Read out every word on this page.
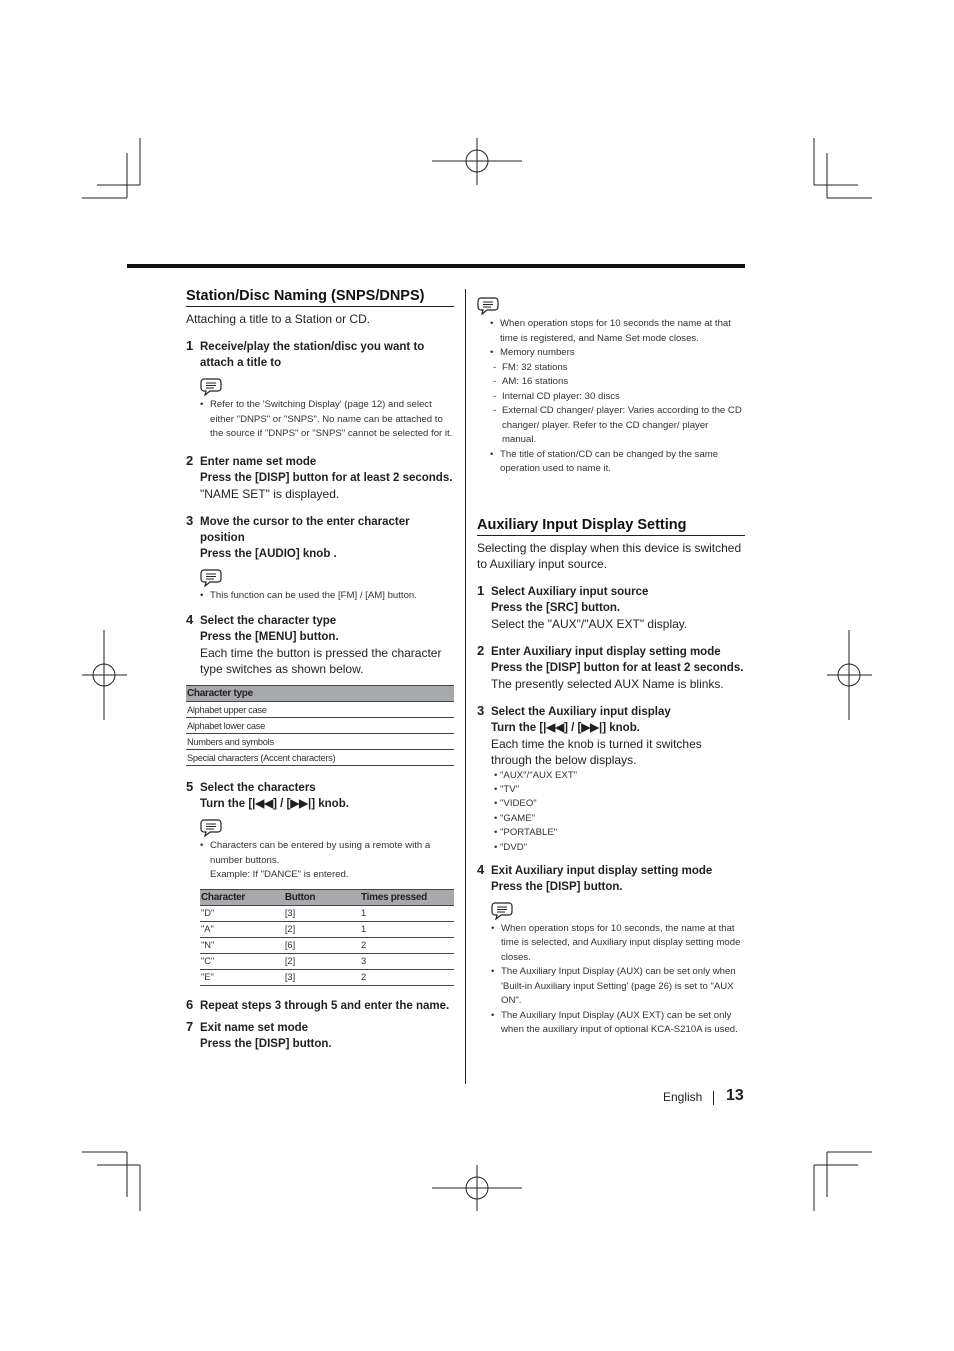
Station/Disc Naming (SNPS/DNPS)

Attaching a title to a Station or CD.

1 Receive/play the station/disc you want to attach a title to
• Refer to the 'Switching Display' (page 12) and select either "DNPS" or "SNPS". No name can be attached to the source if "DNPS" or "SNPS" cannot be selected for it.
2 Enter name set mode
Press the [DISP] button for at least 2 seconds.
"NAME SET" is displayed.
3 Move the cursor to the enter character position
Press the [AUDIO] knob .
• This function can be used the [FM] / [AM] button.
4 Select the character type
Press the [MENU] button.
Each time the button is pressed the character type switches as shown below.
Character type
Alphabet upper case
Alphabet lower case
Numbers and symbols
Special characters (Accent characters)
5 Select the characters
Turn the [|◀◀] / [▶▶|] knob.
• Characters can be entered by using a remote with a number buttons.
Example: If "DANCE" is entered.
Character	Button	Times pressed
"D"	[3]	1
"A"	[2]	1
"N"	[6]	2
"C"	[2]	3
"E"	[3]	2
6 Repeat steps 3 through 5 and enter the name.
7 Exit name set mode
Press the [DISP] button.
• When operation stops for 10 seconds the name at that time is registered, and Name Set mode closes.
• Memory numbers
- FM: 32 stations
- AM: 16 stations
- Internal CD player: 30 discs
- External CD changer/ player: Varies according to the CD changer/ player. Refer to the CD changer/ player manual.
• The title of station/CD can be changed by the same operation used to name it.
Auxiliary Input Display Setting

Selecting the display when this device is switched to Auxiliary input source.

1 Select Auxiliary input source
Press the [SRC] button.
Select the "AUX"/"AUX EXT" display.
2 Enter Auxiliary input display setting mode
Press the [DISP] button for at least 2 seconds.
The presently selected AUX Name is blinks.
3 Select the Auxiliary input display
Turn the [|◀◀] / [▶▶|] knob.
Each time the knob is turned it switches through the below displays.
• "AUX"/"AUX EXT"
• "TV"
• "VIDEO"
• "GAME"
• "PORTABLE"
• "DVD"
4 Exit Auxiliary input display setting mode
Press the [DISP] button.
• When operation stops for 10 seconds, the name at that time is selected, and Auxiliary input display setting mode closes.
• The Auxiliary Input Display (AUX) can be set only when 'Built-in Auxiliary input Setting' (page 26) is set to "AUX ON".
• The Auxiliary Input Display (AUX EXT) can be set only when the auxiliary input of optional KCA-S210A is used.
English 13
